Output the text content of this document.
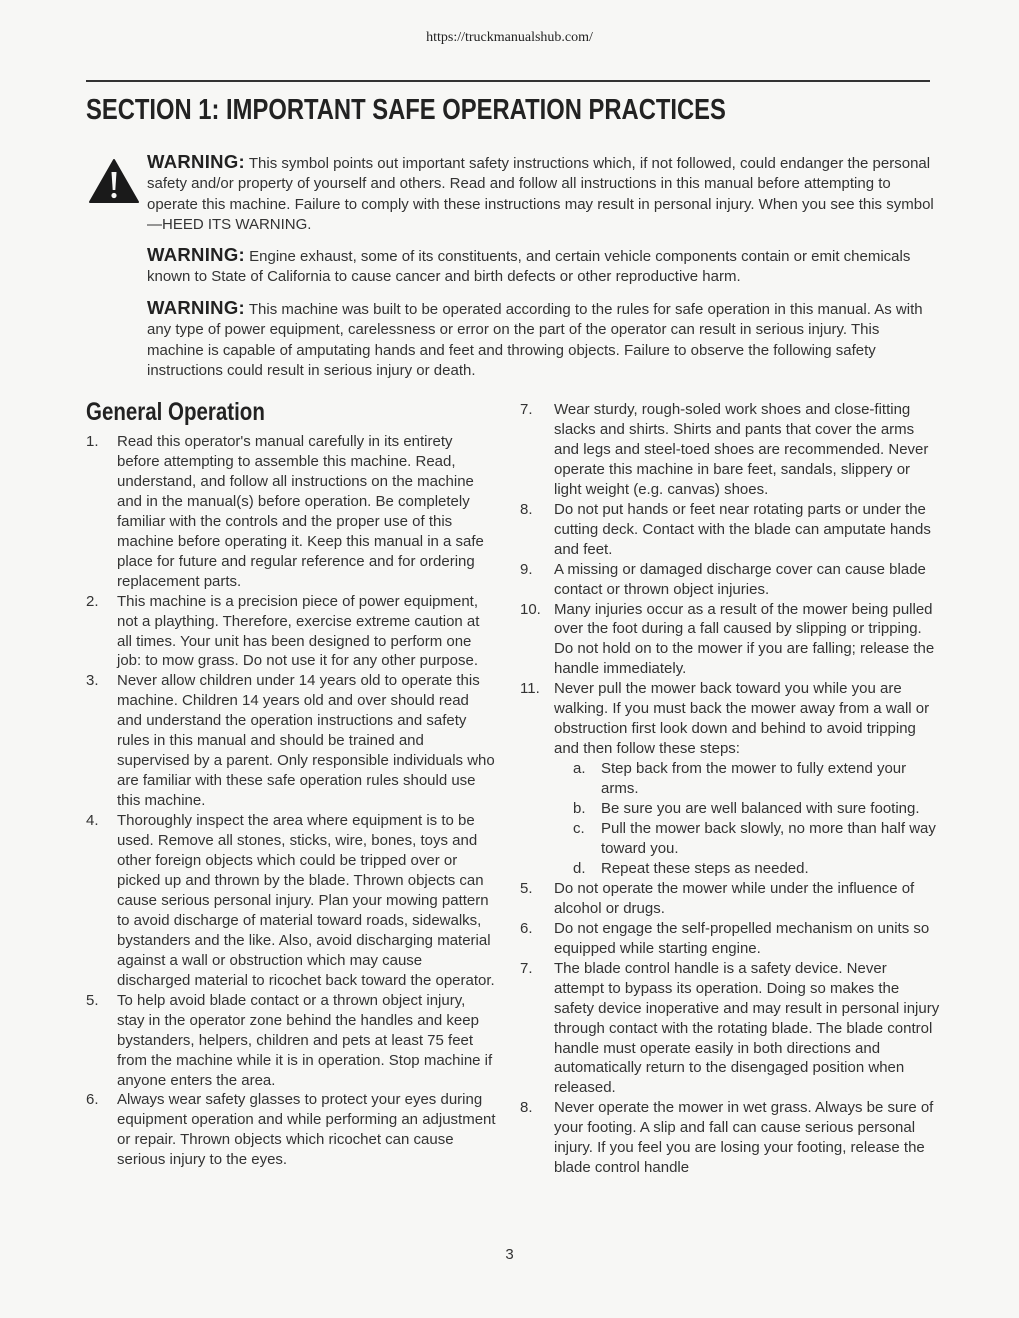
https://truckmanualshub.com/
SECTION 1: IMPORTANT SAFE OPERATION PRACTICES
WARNING: This symbol points out important safety instructions which, if not followed, could endanger the personal safety and/or property of yourself and others. Read and follow all instructions in this manual before attempting to operate this machine. Failure to comply with these instructions may result in personal injury. When you see this symbol—HEED ITS WARNING.
WARNING: Engine exhaust, some of its constituents, and certain vehicle components contain or emit chemicals known to State of California to cause cancer and birth defects or other reproductive harm.
WARNING: This machine was built to be operated according to the rules for safe operation in this manual. As with any type of power equipment, carelessness or error on the part of the operator can result in serious injury. This machine is capable of amputating hands and feet and throwing objects. Failure to observe the following safety instructions could result in serious injury or death.
General Operation
1. Read this operator's manual carefully in its entirety before attempting to assemble this machine. Read, understand, and follow all instructions on the machine and in the manual(s) before operation. Be completely familiar with the controls and the proper use of this machine before operating it. Keep this manual in a safe place for future and regular reference and for ordering replacement parts.
2. This machine is a precision piece of power equipment, not a plaything. Therefore, exercise extreme caution at all times. Your unit has been designed to perform one job: to mow grass. Do not use it for any other purpose.
3. Never allow children under 14 years old to operate this machine. Children 14 years old and over should read and understand the operation instructions and safety rules in this manual and should be trained and supervised by a parent. Only responsible individuals who are familiar with these safe operation rules should use this machine.
4. Thoroughly inspect the area where equipment is to be used. Remove all stones, sticks, wire, bones, toys and other foreign objects which could be tripped over or picked up and thrown by the blade. Thrown objects can cause serious personal injury. Plan your mowing pattern to avoid discharge of material toward roads, sidewalks, bystanders and the like. Also, avoid discharging material against a wall or obstruction which may cause discharged material to ricochet back toward the operator.
5. To help avoid blade contact or a thrown object injury, stay in the operator zone behind the handles and keep bystanders, helpers, children and pets at least 75 feet from the machine while it is in operation. Stop machine if anyone enters the area.
6. Always wear safety glasses to protect your eyes during equipment operation and while performing an adjustment or repair. Thrown objects which ricochet can cause serious injury to the eyes.
7. Wear sturdy, rough-soled work shoes and close-fitting slacks and shirts. Shirts and pants that cover the arms and legs and steel-toed shoes are recommended. Never operate this machine in bare feet, sandals, slippery or light weight (e.g. canvas) shoes.
8. Do not put hands or feet near rotating parts or under the cutting deck. Contact with the blade can amputate hands and feet.
9. A missing or damaged discharge cover can cause blade contact or thrown object injuries.
10. Many injuries occur as a result of the mower being pulled over the foot during a fall caused by slipping or tripping. Do not hold on to the mower if you are falling; release the handle immediately.
11. Never pull the mower back toward you while you are walking. If you must back the mower away from a wall or obstruction first look down and behind to avoid tripping and then follow these steps:
a. Step back from the mower to fully extend your arms.
b. Be sure you are well balanced with sure footing.
c. Pull the mower back slowly, no more than half way toward you.
d. Repeat these steps as needed.
5. Do not operate the mower while under the influence of alcohol or drugs.
6. Do not engage the self-propelled mechanism on units so equipped while starting engine.
7. The blade control handle is a safety device. Never attempt to bypass its operation. Doing so makes the safety device inoperative and may result in personal injury through contact with the rotating blade. The blade control handle must operate easily in both directions and automatically return to the disengaged position when released.
8. Never operate the mower in wet grass. Always be sure of your footing. A slip and fall can cause serious personal injury. If you feel you are losing your footing, release the blade control handle
3
